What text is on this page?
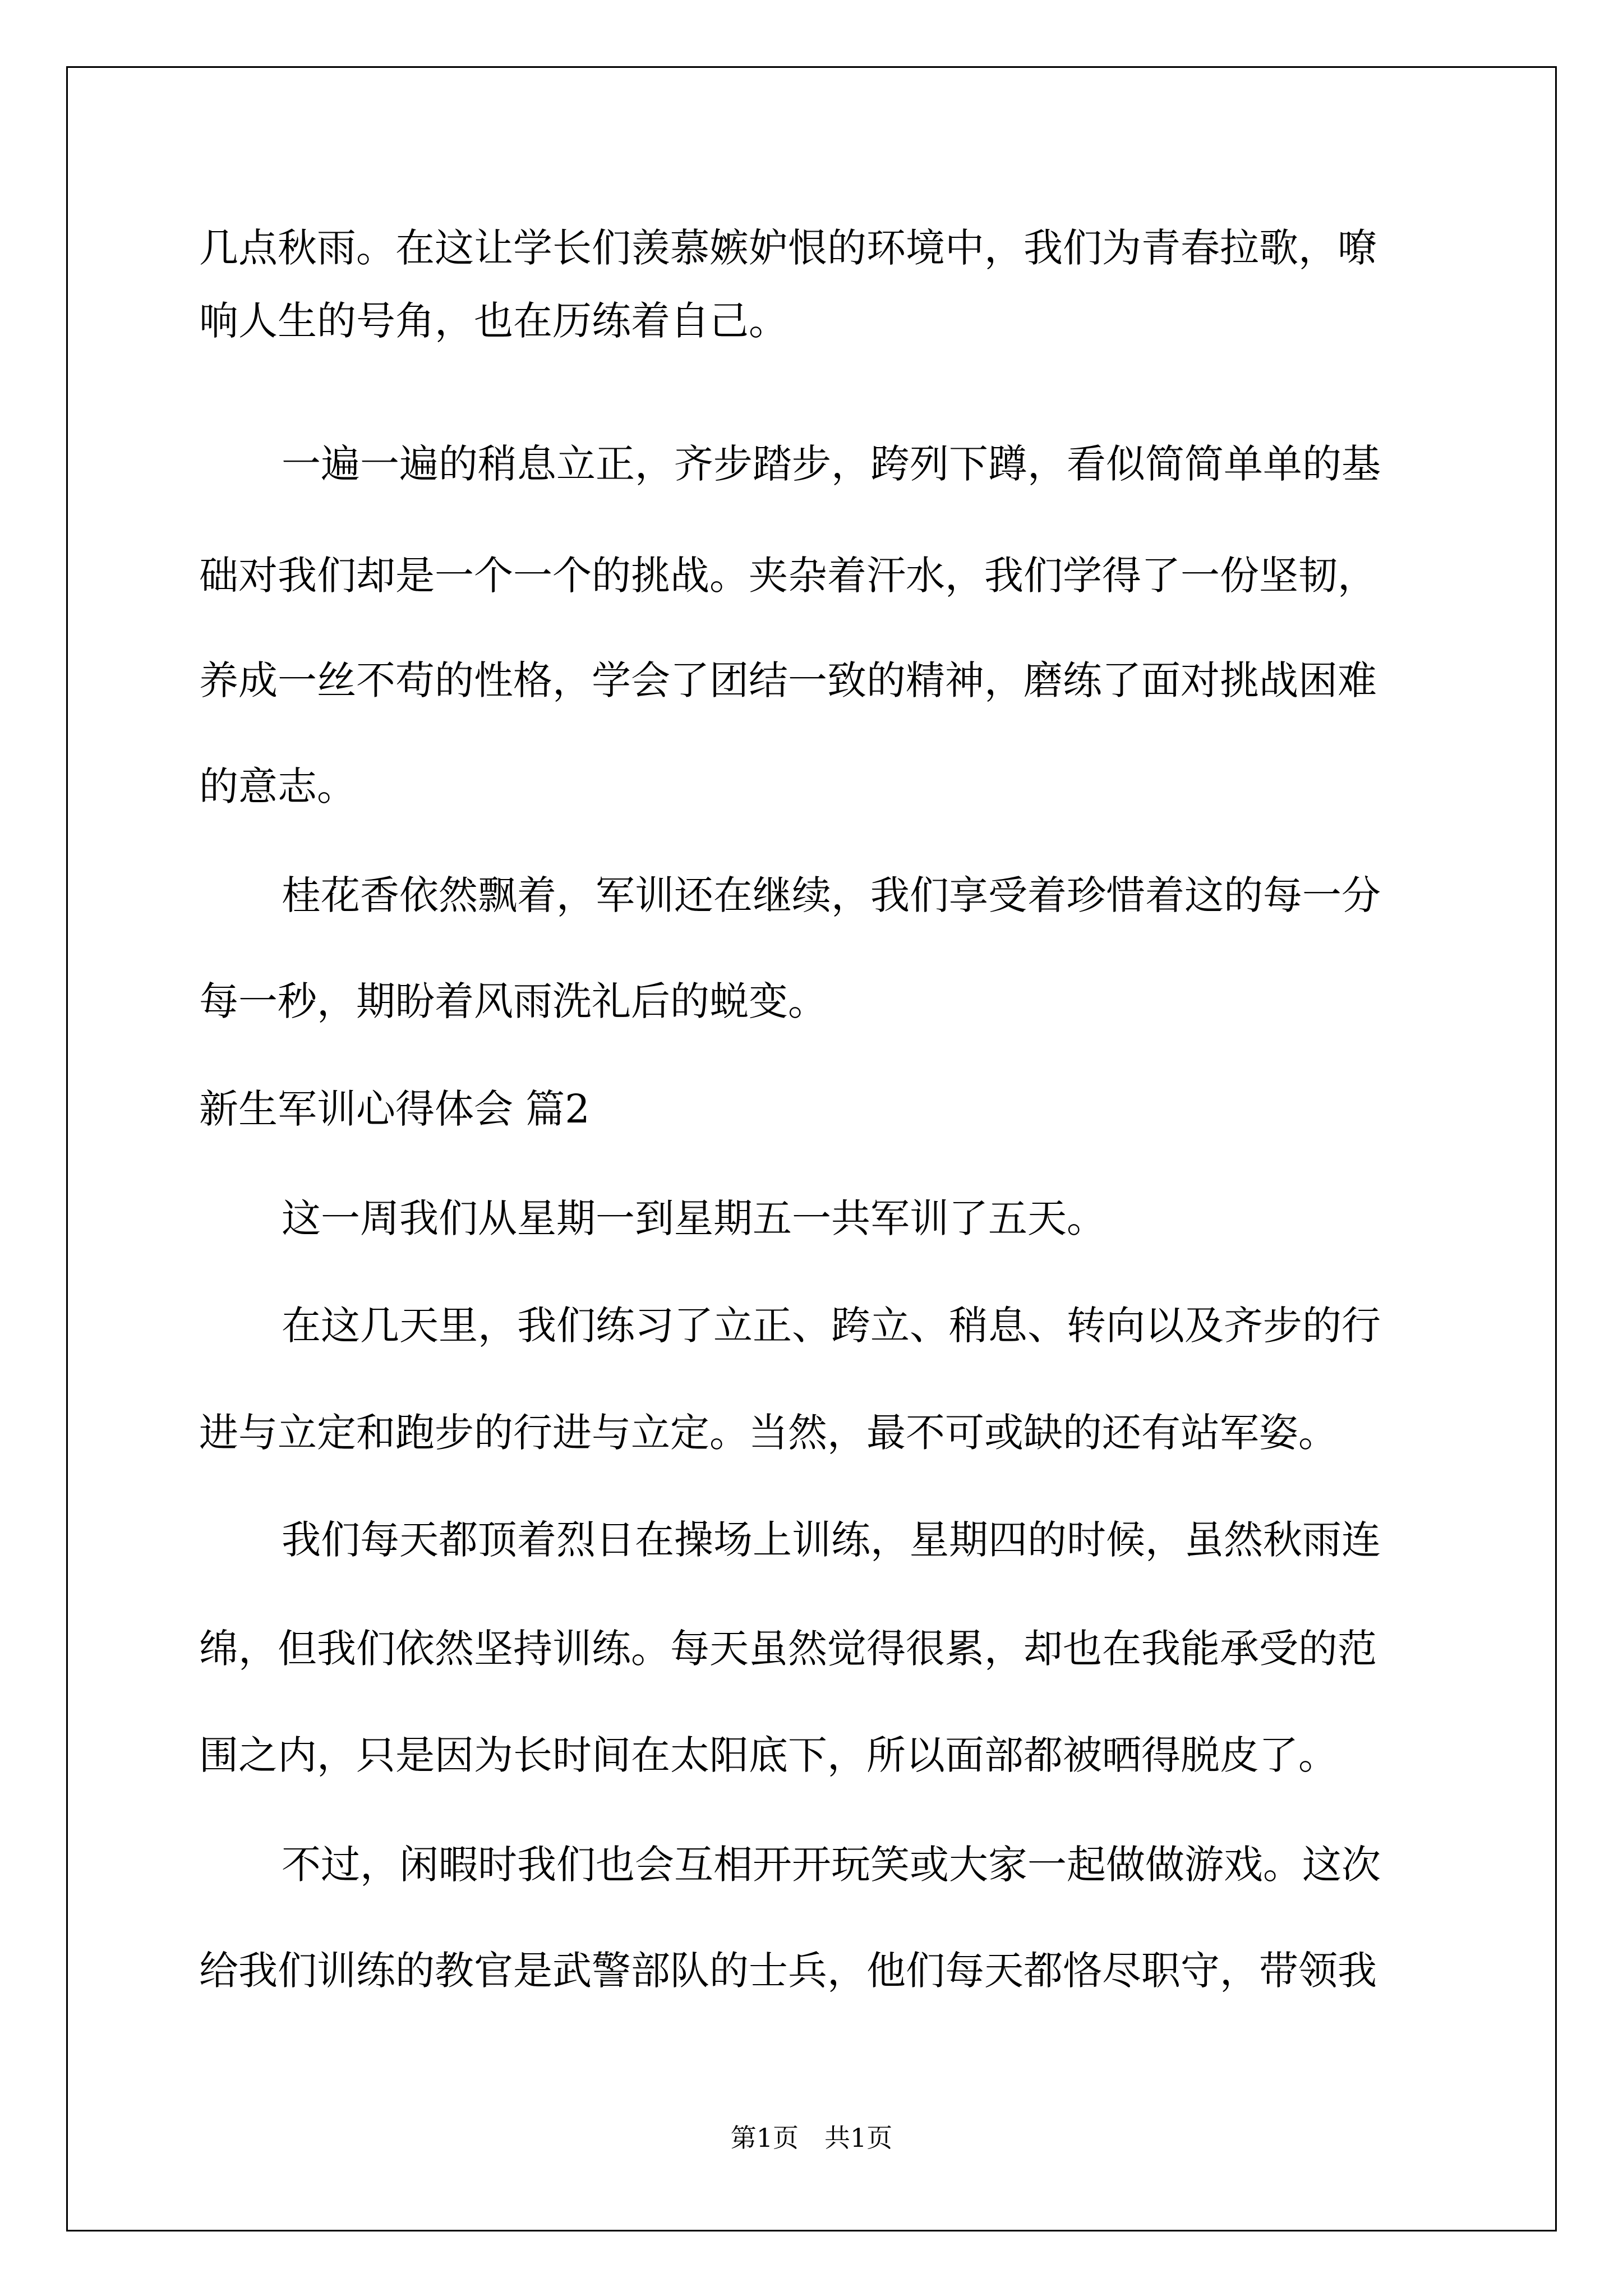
几点秋雨。在这让学长们羡慕嫉妒恨的环境中，我们为青春拉歌，嘹

响人生的号角，也在历练着自己。

一遍一遍的稍息立正，齐步踏步，跨列下蹲，看似简简单单的基

础对我们却是一个一个的挑战。夹杂着汗水，我们学得了一份坚韧，

养成一丝不苟的性格，学会了团结一致的精神，磨练了面对挑战困难

的意志。

桂花香依然飘着，军训还在继续，我们享受着珍惜着这的每一分

每一秒，期盼着风雨洗礼后的蜕变。

新生军训心得体会 篇2

这一周我们从星期一到星期五一共军训了五天。

在这几天里，我们练习了立正、跨立、稍息、转向以及齐步的行

进与立定和跑步的行进与立定。当然，最不可或缺的还有站军姿。

我们每天都顶着烈日在操场上训练，星期四的时候，虽然秋雨连

绵，但我们依然坚持训练。每天虽然觉得很累，却也在我能承受的范

围之内，只是因为长时间在太阳底下，所以面部都被晒得脱皮了。

不过，闲暇时我们也会互相开开玩笑或大家一起做做游戏。这次

给我们训练的教官是武警部队的士兵，他们每天都恪尽职守，带领我

第1页　共1页
